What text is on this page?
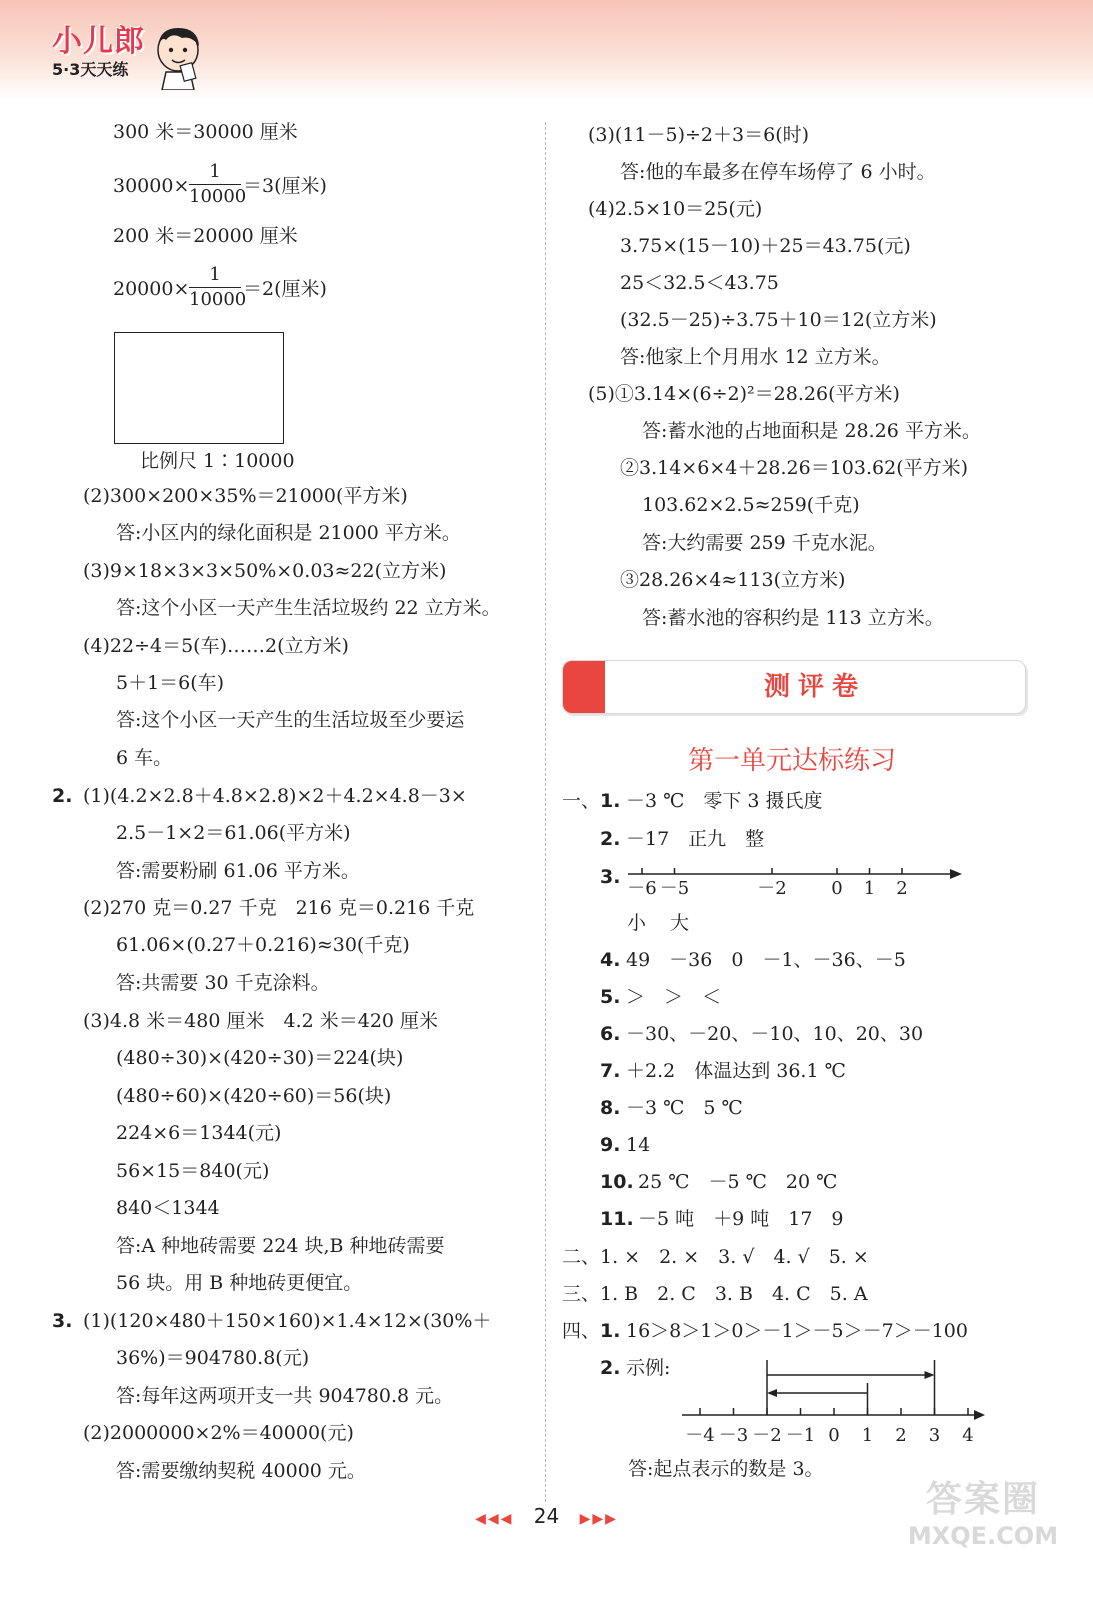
小儿郎
5·3天天练
300 米＝30000 厘米
30000×
1
10000
＝3(厘米)
200 米＝20000 厘米
20000×
1
10000
＝2(厘米)
比例尺 1∶10000
(2)300×200×35%＝21000(平方米)
答:小区内的绿化面积是 21000 平方米。
(3)9×18×3×3×50%×0.03≈22(立方米)
答:这个小区一天产生生活垃圾约 22 立方米。
(4)22÷4＝5(车)……2(立方米)
5＋1＝6(车)
答:这个小区一天产生的生活垃圾至少要运
6 车。
2. (1)(4.2×2.8＋4.8×2.8)×2＋4.2×4.8－3×
2.5－1×2＝61.06(平方米)
答:需要粉刷 61.06 平方米。
(2)270 克＝0.27 千克　216 克＝0.216 千克
61.06×(0.27＋0.216)≈30(千克)
答:共需要 30 千克涂料。
(3)4.8 米＝480 厘米　4.2 米＝420 厘米
(480÷30)×(420÷30)＝224(块)
(480÷60)×(420÷60)＝56(块)
224×6＝1344(元)
56×15＝840(元)
840＜1344
答:A 种地砖需要 224 块,B 种地砖需要
56 块。用 B 种地砖更便宜。
3. (1)(120×480＋150×160)×1.4×12×(30%＋
36%)＝904780.8(元)
答:每年这两项开支一共 904780.8 元。
(2)2000000×2%＝40000(元)
答:需要缴纳契税 40000 元。
(3)(11－5)÷2＋3＝6(时)
答:他的车最多在停车场停了 6 小时。
(4)2.5×10＝25(元)
3.75×(15－10)＋25＝43.75(元)
25＜32.5＜43.75
(32.5－25)÷3.75＋10＝12(立方米)
答:他家上个月用水 12 立方米。
(5)①3.14×(6÷2)²＝28.26(平方米)
答:蓄水池的占地面积是 28.26 平方米。
②3.14×6×4＋28.26＝103.62(平方米)
103.62×2.5≈259(千克)
答:大约需要 259 千克水泥。
③28.26×4≈113(立方米)
答:蓄水池的容积约是 113 立方米。
测评卷
第一单元达标练习
一、 1. －3 ℃　零下 3 摄氏度
2. －17　正九　整
3.
－6 －5	－2 0 1 2
小 大
4. 49　－36　0　－1、－36、－5
5. ＞　＞　＜
6. －30、－20、－10、10、20、30
7. ＋2.2　体温达到 36.1 ℃
8. －3 ℃　5 ℃
9. 14
10. 25 ℃　－5 ℃　20 ℃
11. －5 吨　＋9 吨　17　9
二、 1. ×　2. ×　3. √　4. √　5. ×
三、 1. B　2. C　3. B　4. C　5. A
四、 1. 16＞8＞1＞0＞－1＞－5＞－7＞－100
2. 示例:
－4 －3 －2 －1 0 1 2 3 4
答:起点表示的数是 3。
◀◀◀ 24 ▶▶▶	答案圈
MXQE.COM
